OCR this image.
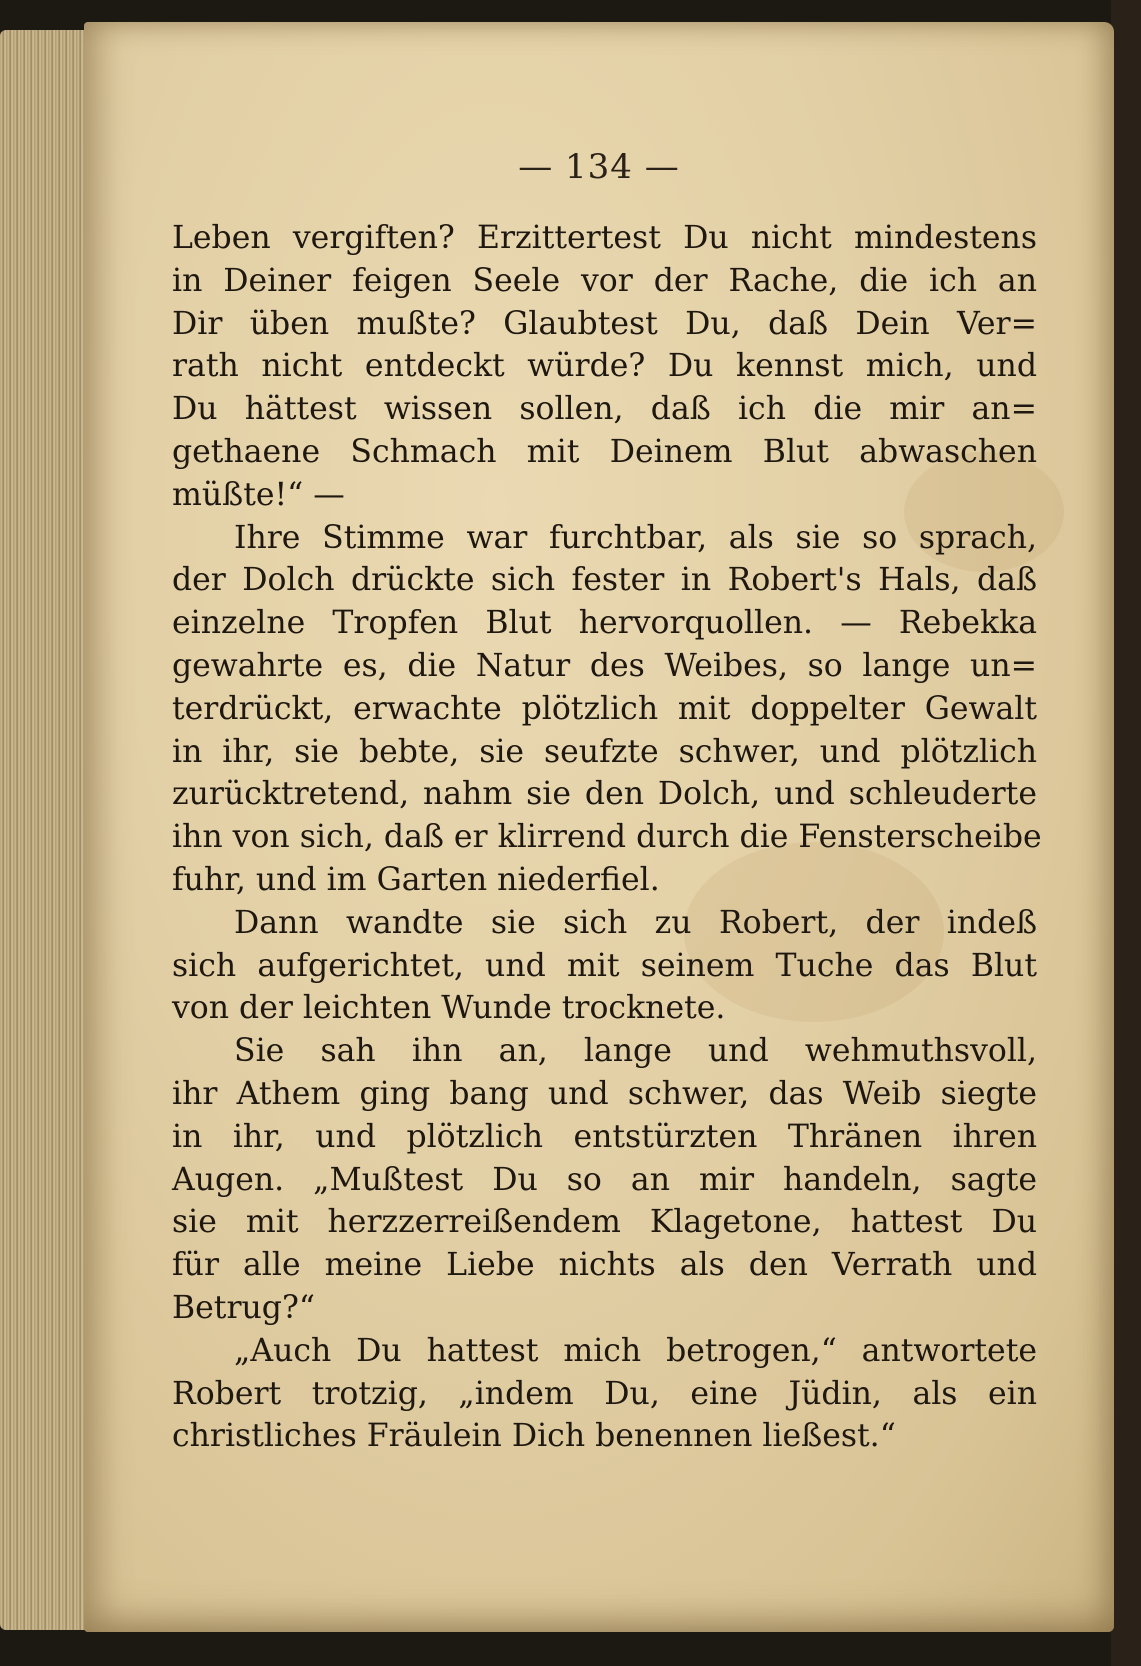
— 134 —
Leben vergiften? Erzittertest Du nicht mindestens
in Deiner feigen Seele vor der Rache, die ich an
Dir üben mußte? Glaubtest Du, daß Dein Ver=
rath nicht entdeckt würde? Du kennst mich, und
Du hättest wissen sollen, daß ich die mir an=
gethaene Schmach mit Deinem Blut abwaschen
müßte!“ —
Ihre Stimme war furchtbar, als sie so sprach,
der Dolch drückte sich fester in Robert's Hals, daß
einzelne Tropfen Blut hervorquollen. — Rebekka
gewahrte es, die Natur des Weibes, so lange un=
terdrückt, erwachte plötzlich mit doppelter Gewalt
in ihr, sie bebte, sie seufzte schwer, und plötzlich
zurücktretend, nahm sie den Dolch, und schleuderte
ihn von sich, daß er klirrend durch die Fensterscheibe
fuhr, und im Garten niederfiel.
Dann wandte sie sich zu Robert, der indeß
sich aufgerichtet, und mit seinem Tuche das Blut
von der leichten Wunde trocknete.
Sie sah ihn an, lange und wehmuthsvoll,
ihr Athem ging bang und schwer, das Weib siegte
in ihr, und plötzlich entstürzten Thränen ihren
Augen. „Mußtest Du so an mir handeln, sagte
sie mit herzzerreißendem Klagetone, hattest Du
für alle meine Liebe nichts als den Verrath und
Betrug?“
„Auch Du hattest mich betrogen,“ antwortete
Robert trotzig, „indem Du, eine Jüdin, als ein
christliches Fräulein Dich benennen ließest.“
